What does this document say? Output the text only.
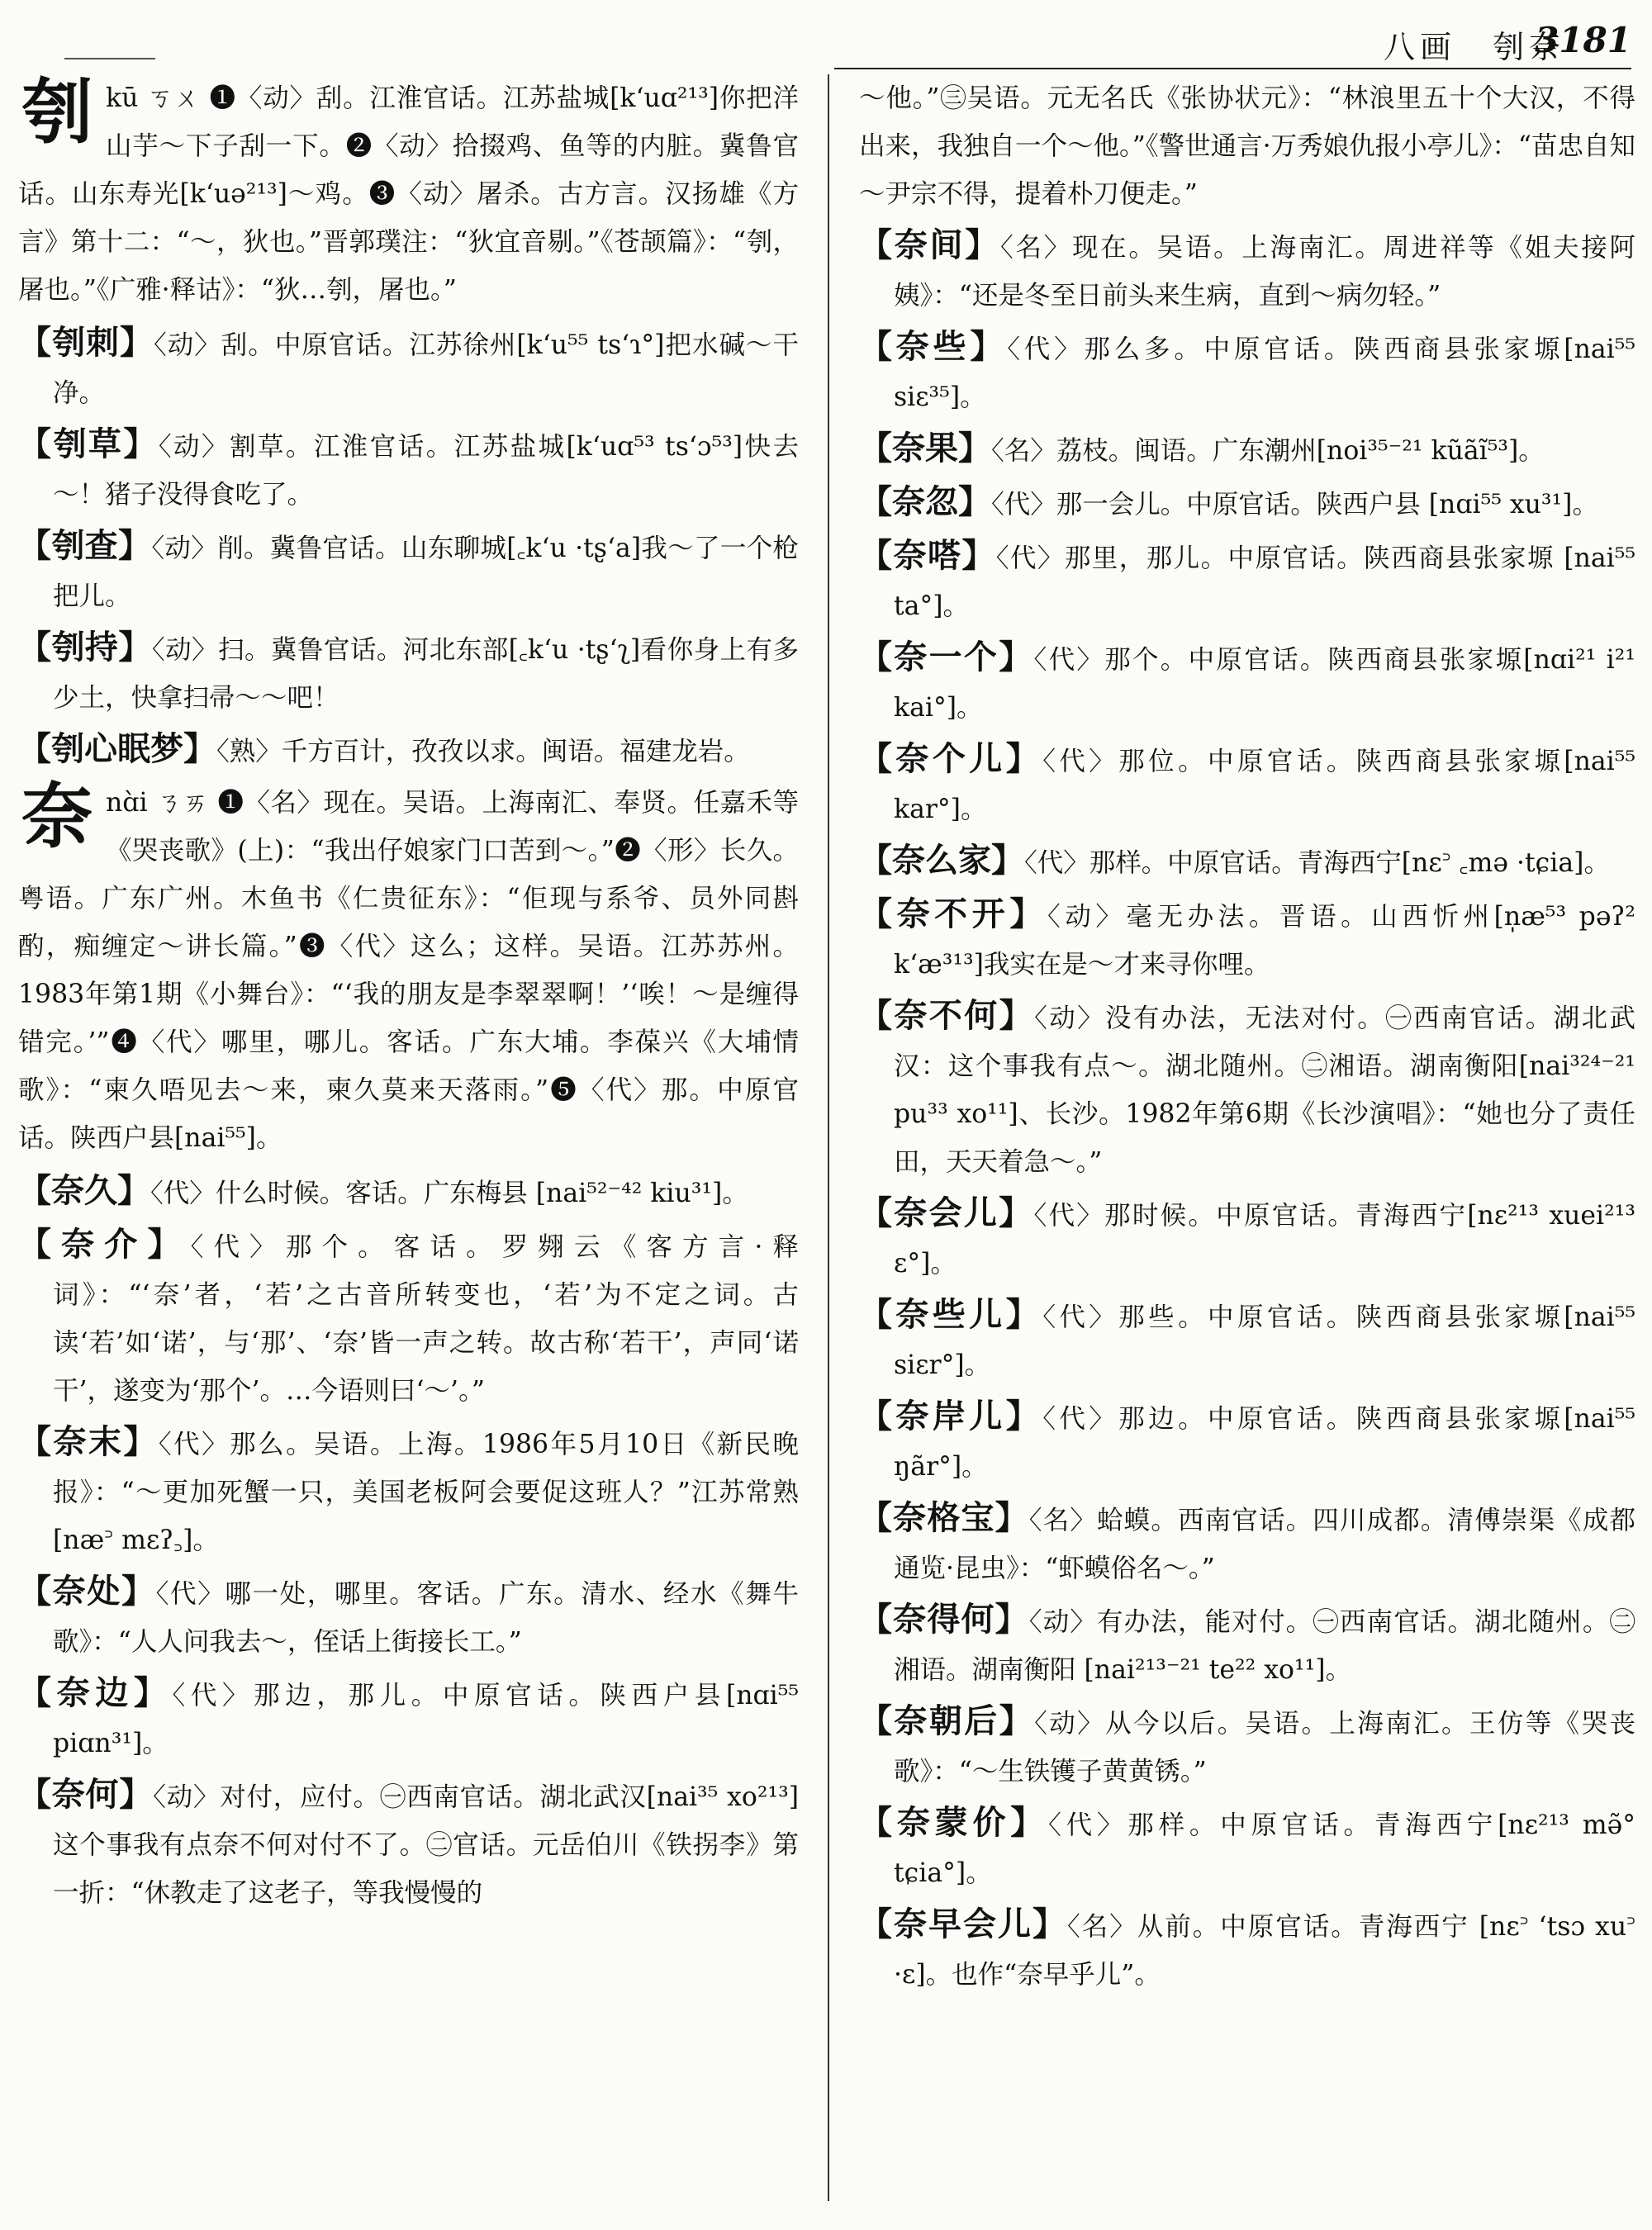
八画　刳奈
3181
刳kū ㄎㄨ ❶〈动〉刮。江淮官话。江苏盐城[k‘uɑ²¹³]你把洋山芋～下子刮一下。❷〈动〉拾掇鸡、鱼等的内脏。冀鲁官话。山东寿光[k‘uə²¹³]～鸡。❸〈动〉屠杀。古方言。汉扬雄《方言》第十二：“～，狄也。”晋郭璞注：“狄宜音剔。”《苍颉篇》：“刳，屠也。”《广雅·释诂》：“狄…刳，屠也。”
【刳刺】〈动〉刮。中原官话。江苏徐州[k‘u⁵⁵ ts‘ɿ°]把水碱～干净。
【刳草】〈动〉割草。江淮官话。江苏盐城[k‘uɑ⁵³ ts‘ɔ⁵³]快去～！猪子没得食吃了。
【刳查】〈动〉削。冀鲁官话。山东聊城[꜀k‘u ·tʂ‘a]我～了一个枪把儿。
【刳持】〈动〉扫。冀鲁官话。河北东部[꜀k‘u ·tʂ‘ʅ]看你身上有多少土，快拿扫帚～～吧！
【刳心眠梦】〈熟〉千方百计，孜孜以求。闽语。福建龙岩。
奈nɑ̀i ㄋㄞ ❶〈名〉现在。吴语。上海南汇、奉贤。任嘉禾等《哭丧歌》(上)：“我出仔娘家门口苦到～。”❷〈形〉长久。粤语。广东广州。木鱼书《仁贵征东》：“佢现与系爷、员外同斟酌，痴缠定～讲长篇。”❸〈代〉这么；这样。吴语。江苏苏州。1983年第1期《小舞台》：“‘我的朋友是李翠翠啊！’‘唉！～是缠得错完。’”❹〈代〉哪里，哪儿。客话。广东大埔。李葆兴《大埔情歌》：“柬久唔见去～来，柬久莫来天落雨。”❺〈代〉那。中原官话。陕西户县[nai⁵⁵]。
【奈久】〈代〉什么时候。客话。广东梅县 [nai⁵²⁻⁴² kiu³¹]。
【奈介】〈代〉那个。客话。罗翙云《客方言·释词》：“‘奈’者，‘若’之古音所转变也，‘若’为不定之词。古读‘若’如‘诺’，与‘那’、‘奈’皆一声之转。故古称‘若干’，声同‘诺干’，遂变为‘那个’。…今语则曰‘～’。”
【奈末】〈代〉那么。吴语。上海。1986年5月10日《新民晚报》：“～更加死蟹一只，美国老板阿会要促这班人？”江苏常熟[næ꜄ mɛʔ꜆]。
【奈处】〈代〉哪一处，哪里。客话。广东。清水、经水《舞牛歌》：“人人问我去～，侄话上街接长工。”
【奈边】〈代〉那边，那儿。中原官话。陕西户县[nɑi⁵⁵ piɑn³¹]。
【奈何】〈动〉对付，应付。㊀西南官话。湖北武汉[nai³⁵ xo²¹³]这个事我有点奈不何对付不了。㊁官话。元岳伯川《铁拐李》第一折：“休教走了这老子，等我慢慢的
～他。”㊂吴语。元无名氏《张协状元》：“林浪里五十个大汉，不得出来，我独自一个～他。”《警世通言·万秀娘仇报小亭儿》：“苗忠自知～尹宗不得，提着朴刀便走。”
【奈间】〈名〉现在。吴语。上海南汇。周进祥等《姐夫接阿姨》：“还是冬至日前头来生病，直到～病勿轻。”
【奈些】〈代〉那么多。中原官话。陕西商县张家塬[nai⁵⁵ siɛ³⁵]。
【奈果】〈名〉荔枝。闽语。广东潮州[noi³⁵⁻²¹ kũãĩ⁵³]。
【奈忽】〈代〉那一会儿。中原官话。陕西户县 [nɑi⁵⁵ xu³¹]。
【奈嗒】〈代〉那里，那儿。中原官话。陕西商县张家塬 [nai⁵⁵ ta°]。
【奈一个】〈代〉那个。中原官话。陕西商县张家塬[nɑi²¹ i²¹ kai°]。
【奈个儿】〈代〉那位。中原官话。陕西商县张家塬[nai⁵⁵ kar°]。
【奈么家】〈代〉那样。中原官话。青海西宁[nɛ꜄ ꜀mə ·tɕia]。
【奈不开】〈动〉毫无办法。晋语。山西忻州[n̩æ⁵³ pəʔ² k‘æ³¹³]我实在是～才来寻你哩。
【奈不何】〈动〉没有办法，无法对付。㊀西南官话。湖北武汉：这个事我有点～。湖北随州。㊁湘语。湖南衡阳[nai³²⁴⁻²¹ pu³³ xo¹¹]、长沙。1982年第6期《长沙演唱》：“她也分了责任田，天天着急～。”
【奈会儿】〈代〉那时候。中原官话。青海西宁[nɛ²¹³ xuei²¹³ ɛ°]。
【奈些儿】〈代〉那些。中原官话。陕西商县张家塬[nai⁵⁵ siɛr°]。
【奈岸儿】〈代〉那边。中原官话。陕西商县张家塬[nai⁵⁵ ŋãr°]。
【奈格宝】〈名〉蛤蟆。西南官话。四川成都。清傅崇渠《成都通览·昆虫》：“虾蟆俗名～。”
【奈得何】〈动〉有办法，能对付。㊀西南官话。湖北随州。㊁湘语。湖南衡阳 [nai²¹³⁻²¹ te²² xo¹¹]。
【奈朝后】〈动〉从今以后。吴语。上海南汇。王仿等《哭丧歌》：“～生铁镬子黄黄锈。”
【奈蒙价】〈代〉那样。中原官话。青海西宁[nɛ²¹³ mə̃° tɕia°]。
【奈早会儿】〈名〉从前。中原官话。青海西宁 [nɛ꜄ ‘tsɔ xu꜄ ·ɛ]。也作“奈早乎儿”。
